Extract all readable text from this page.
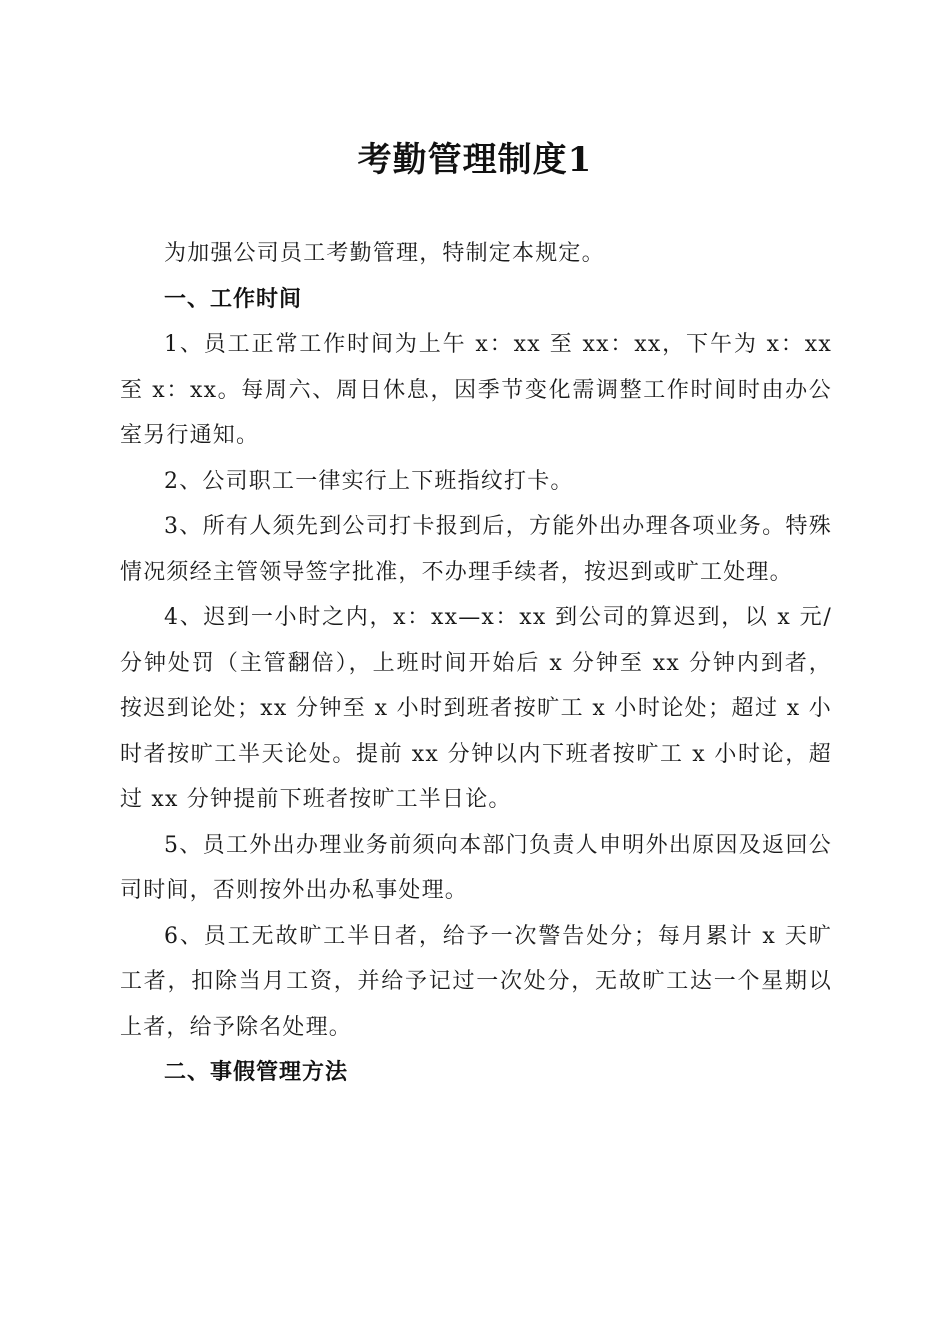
考勤管理制度1

为加强公司员工考勤管理，特制定本规定。

一、工作时间

1、员工正常工作时间为上午 x：xx 至 xx：xx，下午为 x：xx 至 x：xx。每周六、周日休息，因季节变化需调整工作时间时由办公室另行通知。

2、公司职工一律实行上下班指纹打卡。

3、所有人须先到公司打卡报到后，方能外出办理各项业务。特殊情况须经主管领导签字批准，不办理手续者，按迟到或旷工处理。

4、迟到一小时之内，x：xx—x：xx 到公司的算迟到，以 x 元/分钟处罚（主管翻倍），上班时间开始后 x 分钟至 xx 分钟内到者，按迟到论处；xx 分钟至 x 小时到班者按旷工 x 小时论处；超过 x 小时者按旷工半天论处。提前 xx 分钟以内下班者按旷工 x 小时论，超过 xx 分钟提前下班者按旷工半日论。

5、员工外出办理业务前须向本部门负责人申明外出原因及返回公司时间，否则按外出办私事处理。

6、员工无故旷工半日者，给予一次警告处分；每月累计 x 天旷工者，扣除当月工资，并给予记过一次处分，无故旷工达一个星期以上者，给予除名处理。

二、事假管理方法
